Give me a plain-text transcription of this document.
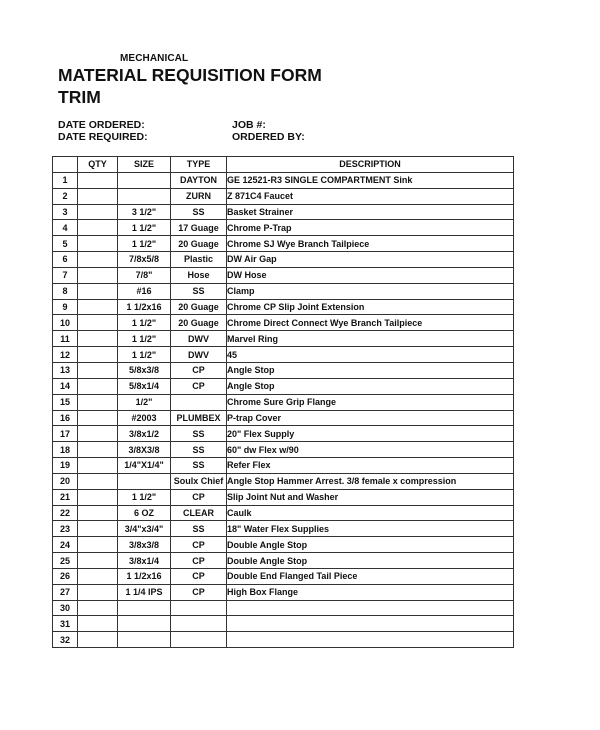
MECHANICAL
MATERIAL REQUISITION FORM
TRIM
DATE ORDERED:
DATE REQUIRED:
JOB #:
ORDERED BY:
	QTY	SIZE	TYPE	DESCRIPTION
1			DAYTON	GE 12521-R3 SINGLE COMPARTMENT Sink
2			ZURN	Z 871C4 Faucet
3		3 1/2"	SS	Basket Strainer
4		1 1/2"	17 Guage	Chrome P-Trap
5		1 1/2"	20 Guage	Chrome SJ Wye Branch Tailpiece
6		7/8x5/8	Plastic	DW Air Gap
7		7/8"	Hose	DW Hose
8		#16	SS	Clamp
9		1 1/2x16	20 Guage	Chrome CP Slip Joint Extension
10		1 1/2"	20 Guage	Chrome Direct Connect Wye Branch Tailpiece
11		1 1/2"	DWV	Marvel Ring
12		1 1/2"	DWV	45
13		5/8x3/8	CP	Angle Stop
14		5/8x1/4	CP	Angle Stop
15		1/2"		Chrome Sure Grip Flange
16		#2003	PLUMBEX	P-trap Cover
17		3/8x1/2	SS	20" Flex Supply
18		3/8X3/8	SS	60" dw Flex w/90
19		1/4"X1/4"	SS	Refer Flex
20			Soulx Chief	Angle Stop Hammer Arrest. 3/8 female x compression
21		1 1/2"	CP	Slip Joint Nut and Washer
22		6 OZ	CLEAR	Caulk
23		3/4"x3/4"	SS	18" Water Flex Supplies
24		3/8x3/8	CP	Double Angle Stop
25		3/8x1/4	CP	Double Angle Stop
26		1 1/2x16	CP	Double End Flanged Tail Piece
27		1 1/4 IPS	CP	High Box Flange
30				
31				
32				
